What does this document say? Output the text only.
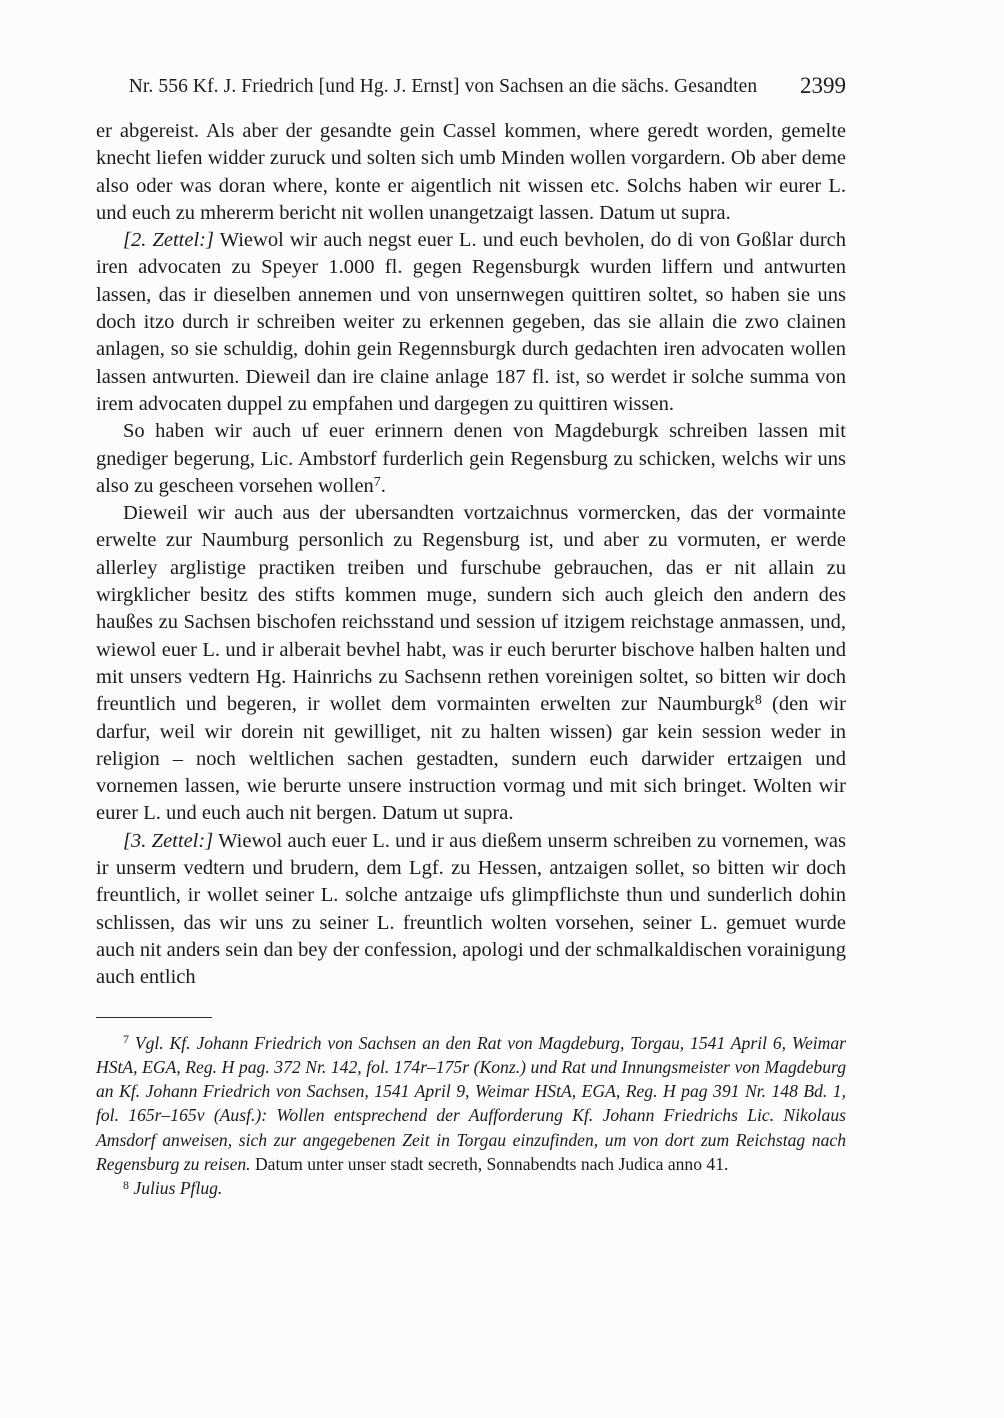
Nr. 556 Kf. J. Friedrich [und Hg. J. Ernst] von Sachsen an die sächs. Gesandten	2399

er abgereist. Als aber der gesandte gein Cassel kommen, where geredt worden, gemelte knecht liefen widder zuruck und solten sich umb Minden wollen vorgardern. Ob aber deme also oder was doran where, konte er aigentlich nit wissen etc. Solchs haben wir eurer L. und euch zu mhererm bericht nit wollen unangetzaigt lassen. Datum ut supra.

[2. Zettel:] Wiewol wir auch negst euer L. und euch bevholen, do di von Goßlar durch iren advocaten zu Speyer 1.000 fl. gegen Regensburgk wurden liffern und antwurten lassen, das ir dieselben annemen und von unsernwegen quittiren soltet, so haben sie uns doch itzo durch ir schreiben weiter zu erkennen gegeben, das sie allain die zwo clainen anlagen, so sie schuldig, dohin gein Regennsburgk durch gedachten iren advocaten wollen lassen antwurten. Dieweil dan ire claine anlage 187 fl. ist, so werdet ir solche summa von irem advocaten duppel zu empfahen und dargegen zu quittiren wissen.

So haben wir auch uf euer erinnern denen von Magdeburgk schreiben lassen mit gnediger begerung, Lic. Ambstorf furderlich gein Regensburg zu schicken, welchs wir uns also zu gescheen vorsehen wollen$^7$.

Dieweil wir auch aus der ubersandten vortzaichnus vormercken, das der vormainte erwelte zur Naumburg personlich zu Regensburg ist, und aber zu vormuten, er werde allerley arglistige practiken treiben und furschube gebrauchen, das er nit allain zu wirgklicher besitz des stifts kommen muge, sundern sich auch gleich den andern des haußes zu Sachsen bischofen reichsstand und session uf itzigem reichstage anmassen, und, wiewol euer L. und ir alberait bevhel habt, was ir euch berurter bischove halben halten und mit unsers vedtern Hg. Hainrichs zu Sachsenn rethen voreinigen soltet, so bitten wir doch freuntlich und begeren, ir wollet dem vormainten erwelten zur Naumburgk$^8$ (den wir darfur, weil wir dorein nit gewilliget, nit zu halten wissen) gar kein session weder in religion – noch weltlichen sachen gestadten, sundern euch darwider ertzaigen und vornemen lassen, wie berurte unsere instruction vormag und mit sich bringet. Wolten wir eurer L. und euch auch nit bergen. Datum ut supra.

[3. Zettel:] Wiewol auch euer L. und ir aus dießem unserm schreiben zu vornemen, was ir unserm vedtern und brudern, dem Lgf. zu Hessen, antzaigen sollet, so bitten wir doch freuntlich, ir wollet seiner L. solche antzaige ufs glimpflichste thun und sunderlich dohin schlissen, das wir uns zu seiner L. freuntlich wolten vorsehen, seiner L. gemuet wurde auch nit anders sein dan bey der confession, apologi und der schmalkaldischen vorainigung auch entlich

$^7$ Vgl. Kf. Johann Friedrich von Sachsen an den Rat von Magdeburg, Torgau, 1541 April 6, Weimar HStA, EGA, Reg. H pag. 372 Nr. 142, fol. 174r–175r (Konz.) und Rat und Innungsmeister von Magdeburg an Kf. Johann Friedrich von Sachsen, 1541 April 9, Weimar HStA, EGA, Reg. H pag 391 Nr. 148 Bd. 1, fol. 165r–165v (Ausf.): Wollen entsprechend der Aufforderung Kf. Johann Friedrichs Lic. Nikolaus Amsdorf anweisen, sich zur angegebenen Zeit in Torgau einzufinden, um von dort zum Reichstag nach Regensburg zu reisen. Datum unter unser stadt secreth, Sonnabendts nach Judica anno 41.

$^8$ Julius Pflug.
